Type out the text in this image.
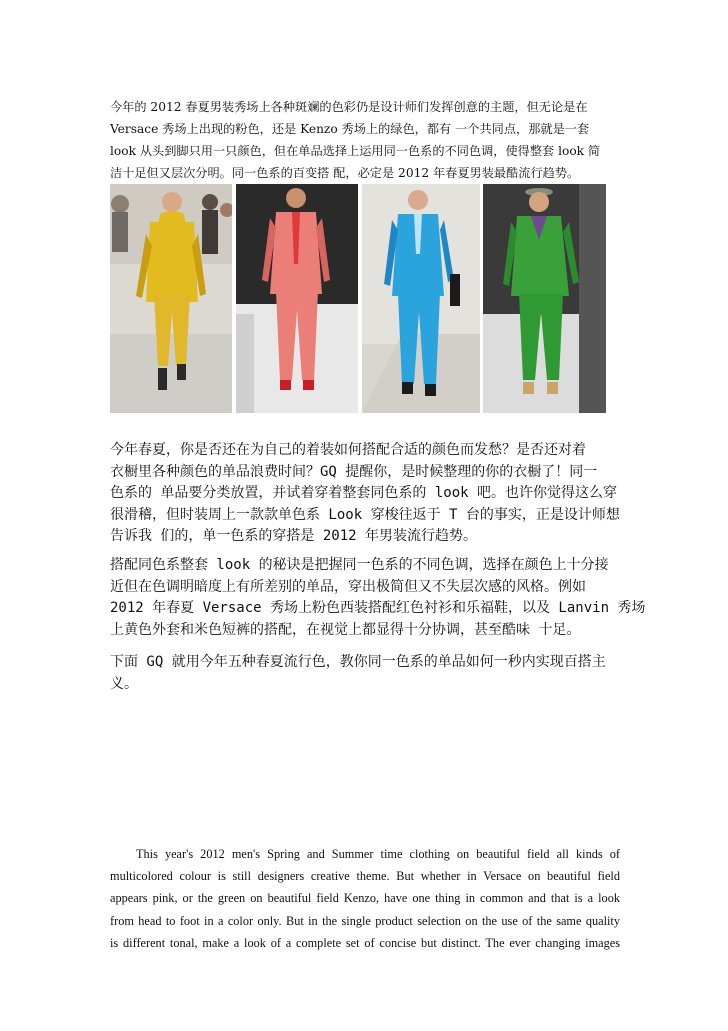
今年的 2012 春夏男装秀场上各种斑斓的色彩仍是设计师们发挥创意的主题，但无论是在
Versace 秀场上出现的粉色，还是 Kenzo 秀场上的绿色，都有 一个共同点，那就是一套
look 从头到脚只用一只颜色，但在单品选择上运用同一色系的不同色调，使得整套 look 简
洁十足但又层次分明。同一色系的百变搭 配，必定是 2012 年春夏男装最酷流行趋势。

今年春夏，你是否还在为自己的着装如何搭配合适的颜色而发愁？是否还对着
衣橱里各种颜色的单品浪费时间？GQ 提醒你，是时候整理的你的衣橱了！同一
色系的 单品要分类放置，并试着穿着整套同色系的 look 吧。也许你觉得这么穿
很滑稽，但时装周上一款款单色系 Look 穿梭往返于 T 台的事实，正是设计师想
告诉我 们的，单一色系的穿搭是 2012 年男装流行趋势。

搭配同色系整套 look 的秘诀是把握同一色系的不同色调，选择在颜色上十分接
近但在色调明暗度上有所差别的单品，穿出极简但又不失层次感的风格。例如
2012 年春夏 Versace 秀场上粉色西装搭配红色衬衫和乐福鞋，以及 Lanvin 秀场
上黄色外套和米色短裤的搭配，在视觉上都显得十分协调，甚至酷味 十足。

下面 GQ 就用今年五种春夏流行色，教你同一色系的单品如何一秒内实现百搭主 义。

This year's 2012 men's Spring and Summer time clothing on beautiful field all kinds of
multicolored colour is still designers creative theme. But whether in Versace on beautiful field
appears pink, or the green on beautiful field Kenzo, have one thing in common and that is a look
from head to foot in a color only. But in the single product selection on the use of the same quality
is different tonal, make a look of a complete set of concise but distinct. The ever changing images
